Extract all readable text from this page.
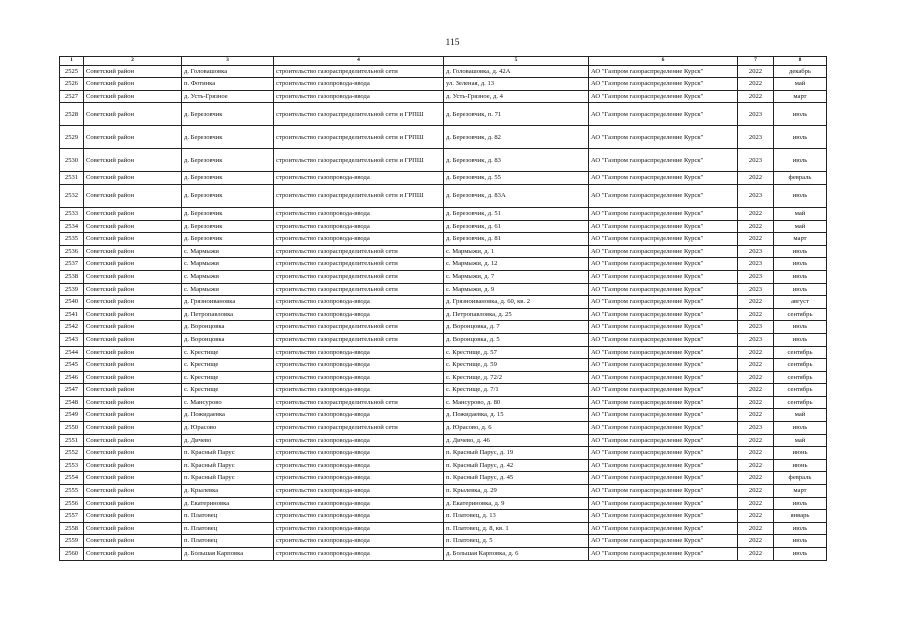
115
1	2	3	4	5	6	7	8
2525	Советский район	д. Головашовка	строительство газораспределительной сети	д. Головашовка, д. 42А	АО "Газпром газораспределение Курск"	2022	декабрь
2526	Советский район	п. Фотинка	строительство газопровода-ввода	ул. Зеленая, д. 13	АО "Газпром газораспределение Курск"	2022	май
2527	Советский район	д. Усть-Грязное	строительство газопровода-ввода	д. Усть-Грязное, д. 4	АО "Газпром газораспределение Курск"	2022	март
2528	Советский район	д. Березовчик	строительство газораспределительной сети и ГРПШ	д. Березовчик, п. 71	АО "Газпром газораспределение Курск"	2023	июль
2529	Советский район	д. Березовчик	строительство газораспределительной сети и ГРПШ	д. Березовчик, д. 82	АО "Газпром газораспределение Курск"	2023	июль
2530	Советский район	д. Березовчик	строительство газораспределительной сети и ГРПШ	д. Березовчик, д. 83	АО "Газпром газораспределение Курск"	2023	июль
2531	Советский район	д. Березовчик	строительство газопровода-ввода	д. Березовчик, д. 55	АО "Газпром газораспределение Курск"	2022	февраль
2532	Советский район	д. Березовчик	строительство газораспределительной сети и ГРПШ	д. Березовчик, д. 83А	АО "Газпром газораспределение Курск"	2023	июль
2533	Советский район	д. Березовчик	строительство газопровода-ввода	д. Березовчик, д. 51	АО "Газпром газораспределение Курск"	2022	май
2534	Советский район	д. Березовчик	строительство газопровода-ввода	д. Березовчик, д. 61	АО "Газпром газораспределение Курск"	2022	май
2535	Советский район	д. Березовчик	строительство газопровода-ввода	д. Березовчик, д. 81	АО "Газпром газораспределение Курск"	2022	март
2536	Советский район	с. Мармыжи	строительство газораспределительной сети	с. Мармыжи, д. 1	АО "Газпром газораспределение Курск"	2023	июль
2537	Советский район	с. Мармыжи	строительство газораспределительной сети	с. Мармыжи, д. 12	АО "Газпром газораспределение Курск"	2023	июль
2538	Советский район	с. Мармыжи	строительство газораспределительной сети	с. Мармыжи, д. 7	АО "Газпром газораспределение Курск"	2023	июль
2539	Советский район	с. Мармыжи	строительство газораспределительной сети	с. Мармыжи, д. 9	АО "Газпром газораспределение Курск"	2023	июль
2540	Советский район	д. Грязноивановка	строительство газопровода-ввода	д. Грязноивановка, д. 60, кв. 2	АО "Газпром газораспределение Курск"	2022	август
2541	Советский район	д. Петропавловка	строительство газопровода-ввода	д. Петропавловка, д. 25	АО "Газпром газораспределение Курск"	2022	сентябрь
2542	Советский район	д. Воронцовка	строительство газораспределительной сети	д. Воронцовка, д. 7	АО "Газпром газораспределение Курск"	2023	июль
2543	Советский район	д. Воронцовка	строительство газораспределительной сети	д. Воронцовка, д. 5	АО "Газпром газораспределение Курск"	2023	июль
2544	Советский район	с. Крестище	строительство газопровода-ввода	с. Крестище, д. 57	АО "Газпром газораспределение Курск"	2022	сентябрь
2545	Советский район	с. Крестище	строительство газопровода-ввода	с. Крестище, д. 59	АО "Газпром газораспределение Курск"	2022	сентябрь
2546	Советский район	с. Крестище	строительство газопровода-ввода	с. Крестище, д. 72/2	АО "Газпром газораспределение Курск"	2022	сентябрь
2547	Советский район	с. Крестище	строительство газопровода-ввода	с. Крестище, д. 7/1	АО "Газпром газораспределение Курск"	2022	сентябрь
2548	Советский район	с. Мансурово	строительство газораспределительной сети	с. Мансурово, д. 80	АО "Газпром газораспределение Курск"	2022	сентябрь
2549	Советский район	д. Пожидаевка	строительство газопровода-ввода	д. Пожидаевка, д. 15	АО "Газпром газораспределение Курск"	2022	май
2550	Советский район	д. Юрасово	строительство газораспределительной сети	д. Юрасово, д. 6	АО "Газпром газораспределение Курск"	2023	июль
2551	Советский район	д. Дичево	строительство газопровода-ввода	д. Дичево, д. 46	АО "Газпром газораспределение Курск"	2022	май
2552	Советский район	п. Красный Парус	строительство газопровода-ввода	п. Красный Парус, д. 19	АО "Газпром газораспределение Курск"	2022	июнь
2553	Советский район	п. Красный Парус	строительство газопровода-ввода	п. Красный Парус, д. 42	АО "Газпром газораспределение Курск"	2022	июнь
2554	Советский район	п. Красный Парус	строительство газопровода-ввода	п. Красный Парус, д. 45	АО "Газпром газораспределение Курск"	2022	февраль
2555	Советский район	д. Крылевка	строительство газопровода-ввода	п. Крылевка, д. 29	АО "Газпром газораспределение Курск"	2022	март
2556	Советский район	д. Екатериновка	строительство газопровода-ввода	д. Екатериновка, д. 9	АО "Газпром газораспределение Курск"	2022	июль
2557	Советский район	п. Платовец	строительство газопровода-ввода	п. Платовец, д. 13	АО "Газпром газораспределение Курск"	2022	январь
2558	Советский район	п. Платовец	строительство газопровода-ввода	п. Платовец, д. 8, кв. 1	АО "Газпром газораспределение Курск"	2022	июль
2559	Советский район	п. Платовец	строительство газопровода-ввода	п. Платовец, д. 5	АО "Газпром газораспределение Курск"	2022	июль
2560	Советский район	д. Большая Карповка	строительство газопровода-ввода	д. Большая Карповка, д. 6	АО "Газпром газораспределение Курск"	2022	июль
